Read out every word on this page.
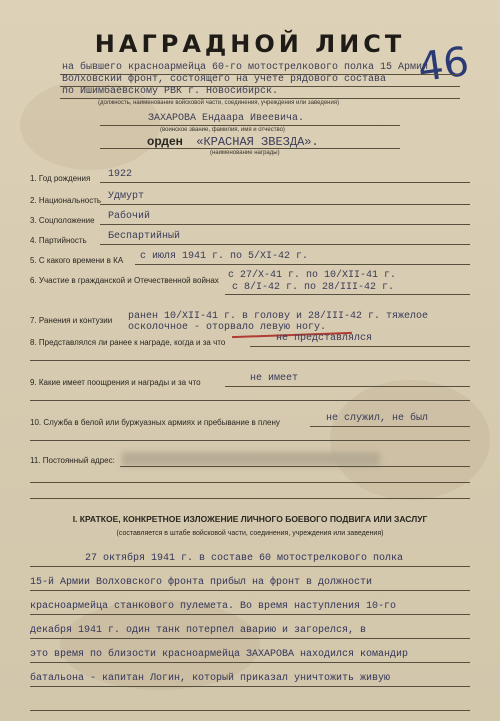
НАГРАДНОЙ ЛИСТ 46
на бывшего красноармейца 60-го мотострелкового полка 15 Армии
Волховский фронт, состоящего на учете рядового состава
по Ишимбаевскому РВК г. Новосибирск.
(должность, наименование войсковой части, соединения, учреждения или заведения)
ЗАХАРОВА Ендаара Ивеевича.
(воинское звание, фамилия, имя и отчество)
орден «КРАСНАЯ ЗВЕЗДА».
(наименование награды)
1. Год рождения 1922
2. Национальность Удмурт
3. Соцположение Рабочий
4. Партийность Беспартийный
5. С какого времени в КА с июля 1941 г. по 5/XI-42 г.
6. Участие в гражданской и Отечественной войнах с 27/X-41 г. по 10/XII-41 г.
с 8/I-42 г. по 28/III-42 г.
7. Ранения и контузии ранен 10/XII-41 г. в голову и 28/III-42 г. тяжелое
осколочное - оторвало левую ногу.
8. Представлялся ли ранее к награде, когда и за что	не представлялся
9. Какие имеет поощрения и награды и за что	не имеет
10. Служба в белой или буржуазных армиях и пребывание в плену	не служил, не был
11. Постоянный адрес:
I. КРАТКОЕ, КОНКРЕТНОЕ ИЗЛОЖЕНИЕ ЛИЧНОГО БОЕВОГО ПОДВИГА ИЛИ ЗАСЛУГ
(составляется в штабе войсковой части, соединения, учреждения или заведения)
27 октября 1941 г. в составе 60 мотострелкового полка
15-й Армии Волховского фронта прибыл на фронт в должности
красноармейца станкового пулемета. Во время наступления 10-го
декабря 1941 г. один танк потерпел аварию и загорелся, в
это время по близости красноармейца ЗАХАРОВА находился командир
батальона - капитан Логин, который приказал уничтожить живую
